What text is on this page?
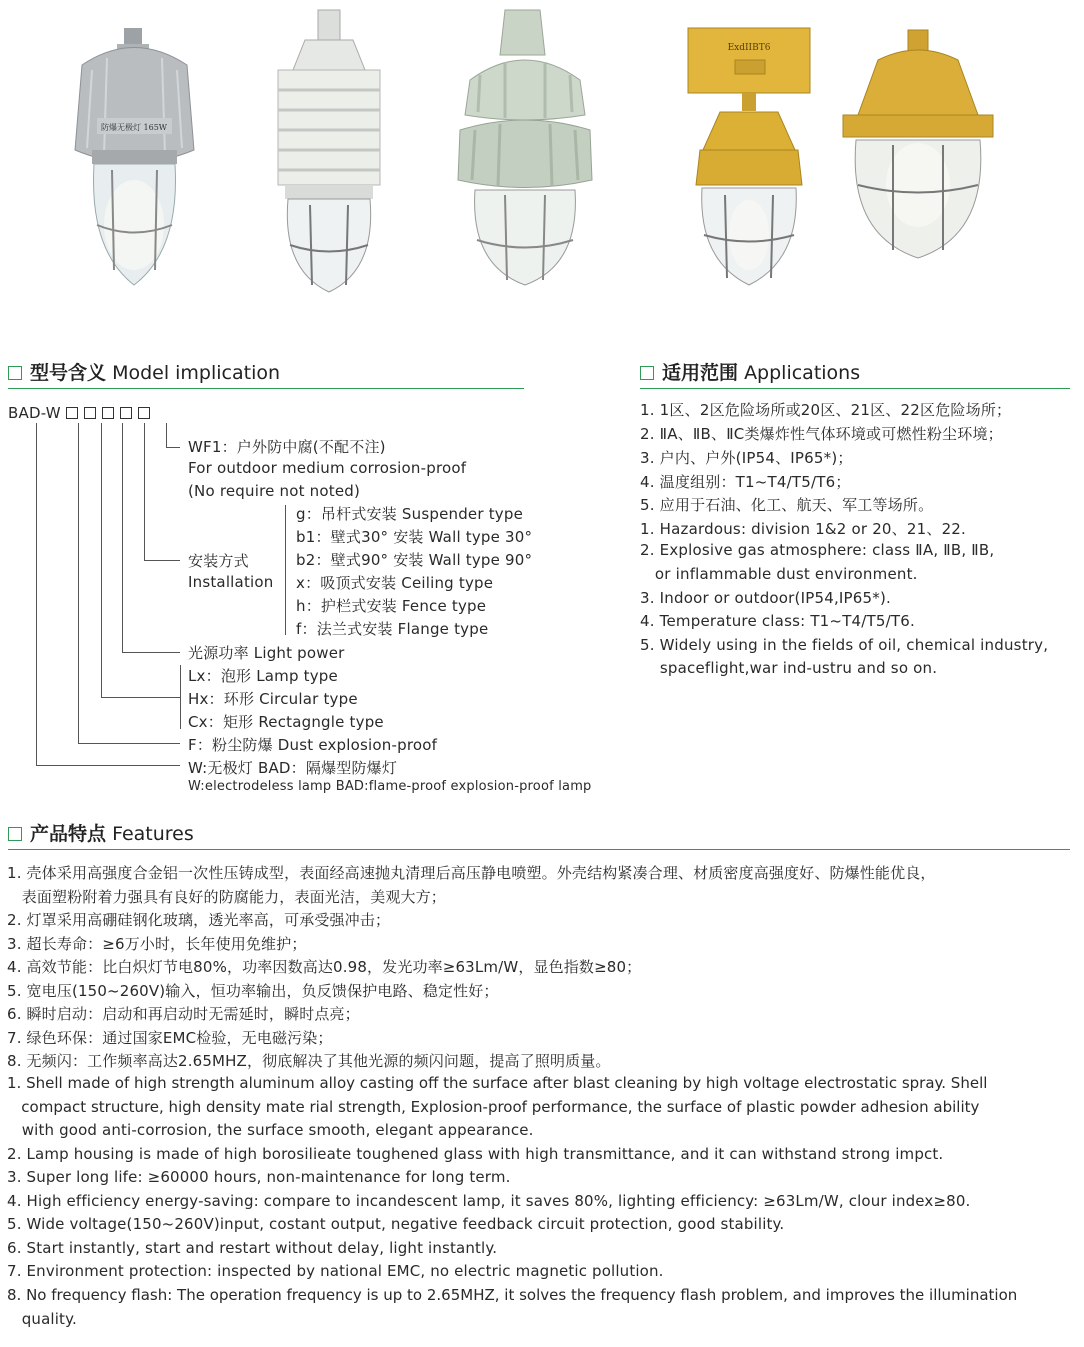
防爆无极灯 165W
ExdIIBT6
型号含义 Model implication
BAD-W
WF1：户外防中腐(不配不注)
For outdoor medium corrosion-proof
(No require not noted)
安装方式
Installation
g：吊杆式安装 Suspender type
b1：壁式30° 安装 Wall type 30°
b2：壁式90° 安装 Wall type 90°
x：吸顶式安装 Ceiling type
h：护栏式安装 Fence type
f：法兰式安装 Flange type
光源功率 Light power
Lx：泡形 Lamp type
Hx：环形 Circular type
Cx：矩形 Rectagngle type
F：粉尘防爆 Dust explosion-proof
W:无极灯 BAD：隔爆型防爆灯
W:electrodeless lamp BAD:flame-proof explosion-proof lamp
适用范围 Applications
1. 1区、2区危险场所或20区、21区、22区危险场所；
2. ⅡA、ⅡB、ⅡC类爆炸性气体环境或可燃性粉尘环境；
3. 户内、户外(IP54、IP65*)；
4. 温度组别：T1~T4/T5/T6；
5. 应用于石油、化工、航天、军工等场所。
1. Hazardous: division 1&2 or 20、21、22.
2. Explosive gas atmosphere: class ⅡA, ⅡB, ⅡB,
or inflammable dust environment.
3. Indoor or outdoor(IP54,IP65*).
4. Temperature class: T1~T4/T5/T6.
5. Widely using in the fields of oil, chemical industry,
spaceflight,war ind-ustru and so on.
产品特点 Features
1. 壳体采用高强度合金铝一次性压铸成型，表面经高速抛丸清理后高压静电喷塑。外壳结构紧凑合理、材质密度高强度好、防爆性能优良，
表面塑粉附着力强具有良好的防腐能力，表面光洁，美观大方；
2. 灯罩采用高硼硅钢化玻璃，透光率高，可承受强冲击；
3. 超长寿命：≥6万小时，长年使用免维护；
4. 高效节能：比白炽灯节电80%，功率因数高达0.98，发光功率≥63Lm/W，显色指数≥80；
5. 宽电压(150~260V)输入，恒功率输出，负反馈保护电路、稳定性好；
6. 瞬时启动：启动和再启动时无需延时，瞬时点亮；
7. 绿色环保：通过国家EMC检验，无电磁污染；
8. 无频闪：工作频率高达2.65MHZ，彻底解决了其他光源的频闪问题，提高了照明质量。
1. Shell made of high strength aluminum alloy casting off the surface after blast cleaning by high voltage electrostatic spray. Shell
compact structure, high density mate rial strength, Explosion-proof performance, the surface of plastic powder adhesion ability
with good anti-corrosion, the surface smooth, elegant appearance.
2. Lamp housing is made of high borosilieate toughened glass with high transmittance, and it can withstand strong impct.
3. Super long life: ≥60000 hours, non-maintenance for long term.
4. High efficiency energy-saving: compare to incandescent lamp, it saves 80%, lighting efficiency: ≥63Lm/W, clour index≥80.
5. Wide voltage(150~260V)input, costant output, negative feedback circuit protection, good stability.
6. Start instantly, start and restart without delay, light instantly.
7. Environment protection: inspected by national EMC, no electric magnetic pollution.
8. No frequency flash: The operation frequency is up to 2.65MHZ, it solves the frequency flash problem, and improves the illumination
quality.
